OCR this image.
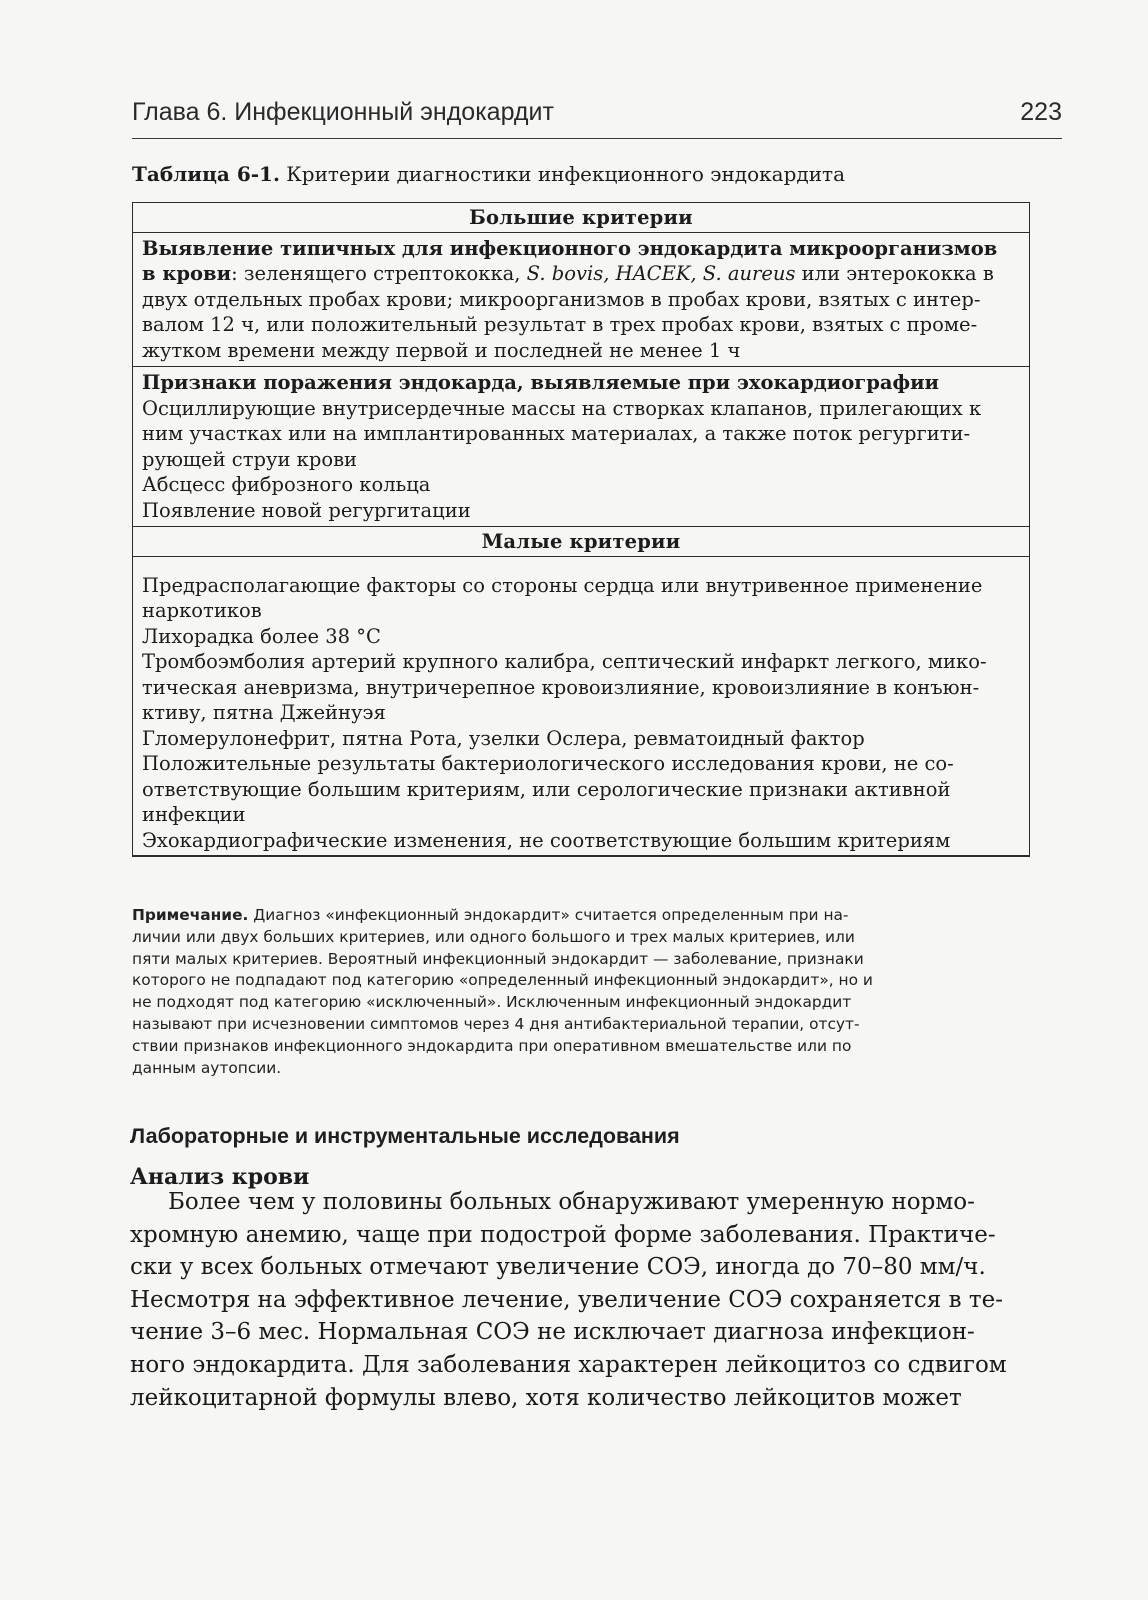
Глава 6. Инфекционный эндокардит	223
Таблица 6-1. Критерии диагностики инфекционного эндокардита
Большие критерии
Выявление типичных для инфекционного эндокардита микроорганизмов
в крови: зеленящего стрептококка, S. bovis, HACEK, S. aureus или энтерококка в
двух отдельных пробах крови; микроорганизмов в пробах крови, взятых с интер-
валом 12 ч, или положительный результат в трех пробах крови, взятых с проме-
жутком времени между первой и последней не менее 1 ч
Признаки поражения эндокарда, выявляемые при эхокардиографии
Осциллирующие внутрисердечные массы на створках клапанов, прилегающих к
ним участках или на имплантированных материалах, а также поток регургити-
рующей струи крови
Абсцесс фиброзного кольца
Появление новой регургитации
Малые критерии
Предрасполагающие факторы со стороны сердца или внутривенное применение
наркотиков
Лихорадка более 38 °С
Тромбоэмболия артерий крупного калибра, септический инфаркт легкого, мико-
тическая аневризма, внутричерепное кровоизлияние, кровоизлияние в конъюн-
ктиву, пятна Джейнуэя
Гломерулонефрит, пятна Рота, узелки Ослера, ревматоидный фактор
Положительные результаты бактериологического исследования крови, не со-
ответствующие большим критериям, или серологические признаки активной
инфекции
Эхокардиографические изменения, не соответствующие большим критериям
Примечание. Диагноз «инфекционный эндокардит» считается определенным при на-
личии или двух больших критериев, или одного большого и трех малых критериев, или
пяти малых критериев. Вероятный инфекционный эндокардит — заболевание, признаки
которого не подпадают под категорию «определенный инфекционный эндокардит», но и
не подходят под категорию «исключенный». Исключенным инфекционный эндокардит
называют при исчезновении симптомов через 4 дня антибактериальной терапии, отсут-
ствии признаков инфекционного эндокардита при оперативном вмешательстве или по
данным аутопсии.
Лабораторные и инструментальные исследования
Анализ крови
Более чем у половины больных обнаруживают умеренную нормо-
хромную анемию, чаще при подострой форме заболевания. Практиче-
ски у всех больных отмечают увеличение СОЭ, иногда до 70–80 мм/ч.
Несмотря на эффективное лечение, увеличение СОЭ сохраняется в те-
чение 3–6 мес. Нормальная СОЭ не исключает диагноза инфекцион-
ного эндокардита. Для заболевания характерен лейкоцитоз со сдвигом
лейкоцитарной формулы влево, хотя количество лейкоцитов может
